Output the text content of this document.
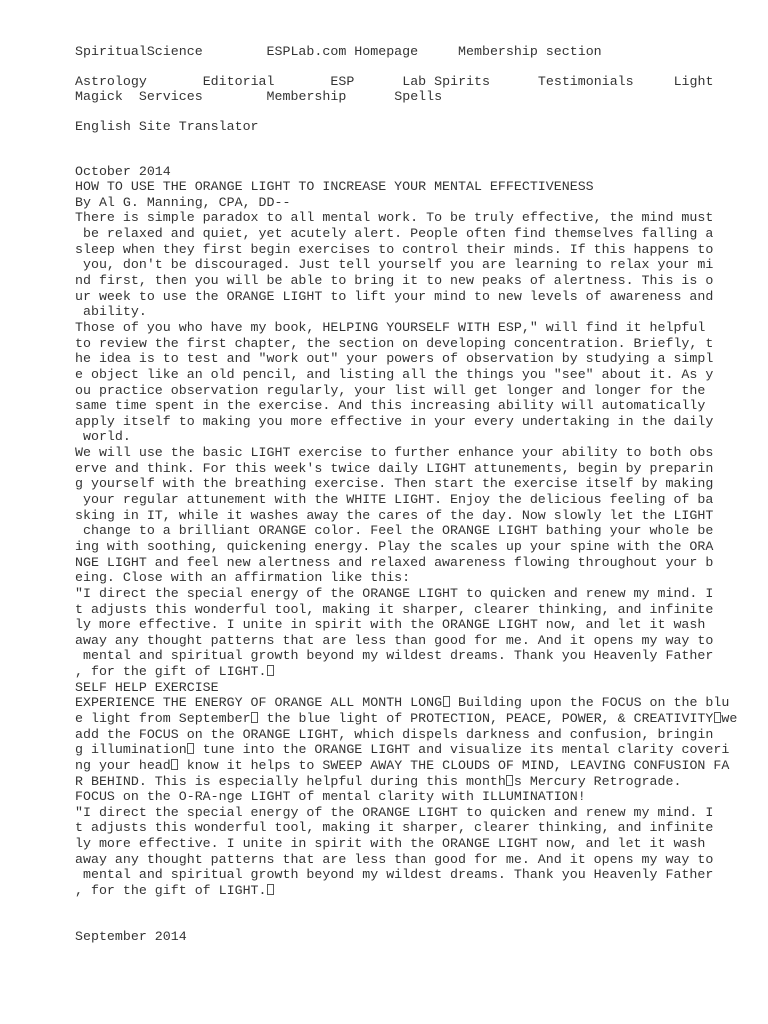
SpiritualScience	ESPLab.com Homepage	Membership section
Astrology	Editorial	ESP	Lab Spirits	Testimonials	Light
Magick Services	Membership	Spells
English Site Translator
October 2014
HOW TO USE THE ORANGE LIGHT TO INCREASE YOUR MENTAL EFFECTIVENESS
By Al G. Manning, CPA, DD--
There is simple paradox to all mental work. To be truly effective, the mind must
be relaxed and quiet, yet acutely alert. People often find themselves falling a
sleep when they first begin exercises to control their minds. If this happens to
you, don't be discouraged. Just tell yourself you are learning to relax your mi
nd first, then you will be able to bring it to new peaks of alertness. This is o
ur week to use the ORANGE LIGHT to lift your mind to new levels of awareness and
ability.
Those of you who have my book, HELPING YOURSELF WITH ESP," will find it helpful
to review the first chapter, the section on developing concentration. Briefly, t
he idea is to test and "work out" your powers of observation by studying a simpl
e object like an old pencil, and listing all the things you "see" about it. As y
ou practice observation regularly, your list will get longer and longer for the
same time spent in the exercise. And this increasing ability will automatically
apply itself to making you more effective in your every undertaking in the daily
world.
We will use the basic LIGHT exercise to further enhance your ability to both obs
erve and think. For this week's twice daily LIGHT attunements, begin by preparin
g yourself with the breathing exercise. Then start the exercise itself by making
your regular attunement with the WHITE LIGHT. Enjoy the delicious feeling of ba
sking in IT, while it washes away the cares of the day. Now slowly let the LIGHT
change to a brilliant ORANGE color. Feel the ORANGE LIGHT bathing your whole be
ing with soothing, quickening energy. Play the scales up your spine with the ORA
NGE LIGHT and feel new alertness and relaxed awareness flowing throughout your b
eing. Close with an affirmation like this:
"I direct the special energy of the ORANGE LIGHT to quicken and renew my mind. I
t adjusts this wonderful tool, making it sharper, clearer thinking, and infinite
ly more effective. I unite in spirit with the ORANGE LIGHT now, and let it wash
away any thought patterns that are less than good for me. And it opens my way to
mental and spiritual growth beyond my wildest dreams. Thank you Heavenly Father
, for the gift of LIGHT.
SELF HELP EXERCISE
EXPERIENCE THE ENERGY OF ORANGE ALL MONTH LONG Building upon the FOCUS on the blu
e light from September the blue light of PROTECTION, PEACE, POWER, & CREATIVITY we
add the FOCUS on the ORANGE LIGHT, which dispels darkness and confusion, bringin
g illumination tune into the ORANGE LIGHT and visualize its mental clarity coveri
ng your head know it helps to SWEEP AWAY THE CLOUDS OF MIND, LEAVING CONFUSION FA
R BEHIND. This is especially helpful during this month s Mercury Retrograde.
FOCUS on the O-RA-nge LIGHT of mental clarity with ILLUMINATION!
"I direct the special energy of the ORANGE LIGHT to quicken and renew my mind. I
t adjusts this wonderful tool, making it sharper, clearer thinking, and infinite
ly more effective. I unite in spirit with the ORANGE LIGHT now, and let it wash
away any thought patterns that are less than good for me. And it opens my way to
mental and spiritual growth beyond my wildest dreams. Thank you Heavenly Father
, for the gift of LIGHT.
September 2014
